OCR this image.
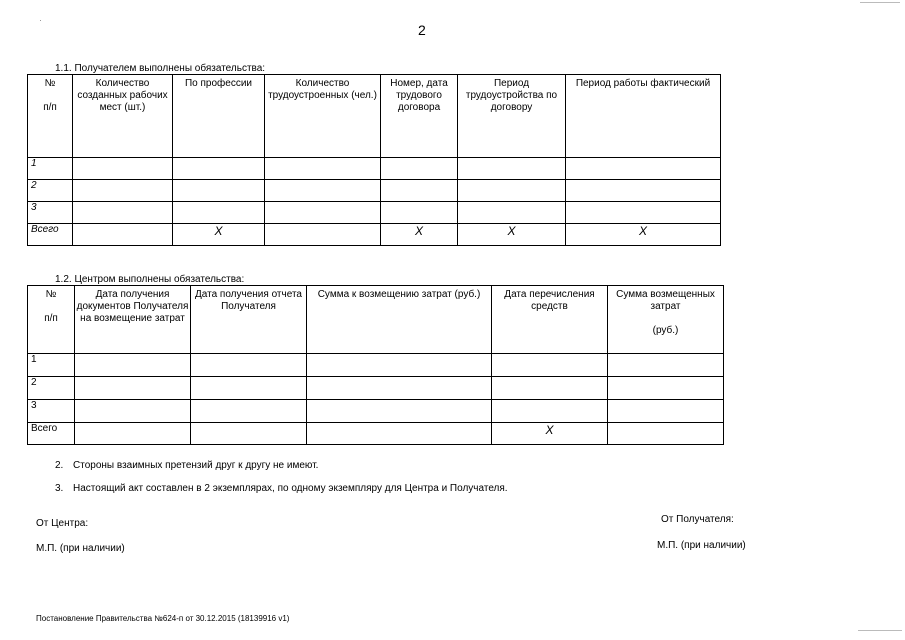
2
1.1. Получателем выполнены обязательства:
№

п/п	Количество созданных рабочих мест (шт.)	По профессии	Количество трудоустроенных (чел.)	Номер, дата трудового договора	Период трудоустройства по договору	Период работы фактический
1						
2						
3						
Всего		X		X	X	X
1.2. Центром выполнены обязательства:
№

п/п	Дата получения документов Получателя на возмещение затрат	Дата получения отчета Получателя	Сумма к возмещению затрат (руб.)	Дата перечисления средств	Сумма возмещенных затрат

(руб.)
1					
2					
3					
Всего				X	
2. Стороны взаимных претензий друг к другу не имеют.
3. Настоящий акт составлен в 2 экземплярах, по одному экземпляру для Центра и Получателя.
От Центра:
М.П. (при наличии)
От Получателя:
М.П. (при наличии)
Постановление Правительства №624-п от 30.12.2015 (18139916 v1)
